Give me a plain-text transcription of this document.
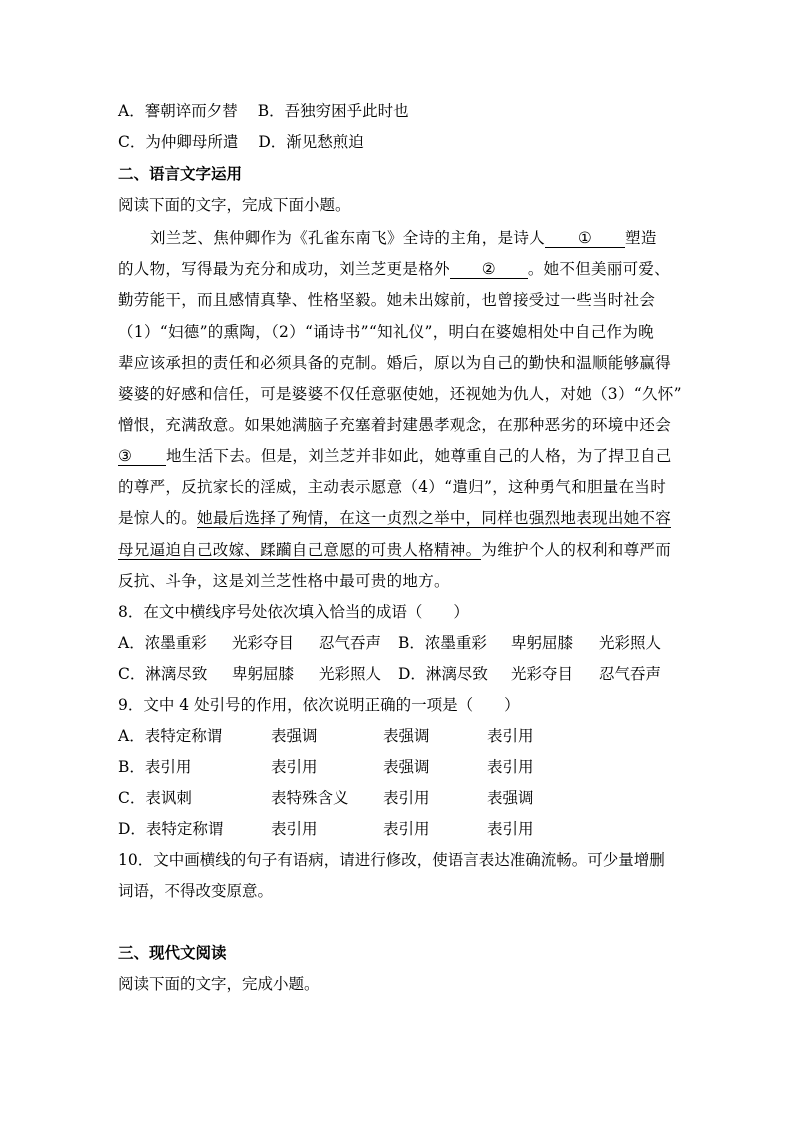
A．謇朝谇而夕替 B．吾独穷困乎此时也
C．为仲卿母所遣 D．渐见愁煎迫
二、语言文字运用
阅读下面的文字，完成下面小题。
刘兰芝、焦仲卿作为《孔雀东南飞》全诗的主角，是诗人 ① 塑造
的人物，写得最为充分和成功，刘兰芝更是格外 ② 。她不但美丽可爱、
勤劳能干，而且感情真挚、性格坚毅。她未出嫁前，也曾接受过一些当时社会
（1）“妇德”的熏陶，（2）“诵诗书”“知礼仪”，明白在婆媳相处中自己作为晚
辈应该承担的责任和必须具备的克制。婚后，原以为自己的勤快和温顺能够赢得
婆婆的好感和信任，可是婆婆不仅任意驱使她，还视她为仇人，对她（3）“久怀”
憎恨，充满敌意。如果她满脑子充塞着封建愚孝观念，在那种恶劣的环境中还会
③ 地生活下去。但是，刘兰芝并非如此，她尊重自己的人格，为了捍卫自己
的尊严，反抗家长的淫威，主动表示愿意（4）“遣归”，这种勇气和胆量在当时
是惊人的。她最后选择了殉情，在这一贞烈之举中，同样也强烈地表现出她不容
母兄逼迫自己改嫁、蹂躏自己意愿的可贵人格精神。为维护个人的权利和尊严而
反抗、斗争，这是刘兰芝性格中最可贵的地方。
8．在文中横线序号处依次填入恰当的成语（　　）
A．浓墨重彩 光彩夺目 忍气吞声 B．浓墨重彩 卑躬屈膝 光彩照人
C．淋漓尽致 卑躬屈膝 光彩照人 D．淋漓尽致 光彩夺目 忍气吞声
9．文中 4 处引号的作用，依次说明正确的一项是（　　）
A．表特定称谓	表强调	表强调	表引用
B．表引用	表引用	表强调	表引用
C．表讽刺	表特殊含义 表引用	表强调
D．表特定称谓	表引用	表引用	表引用
10．文中画横线的句子有语病，请进行修改，使语言表达准确流畅。可少量增删
词语，不得改变原意。
三、现代文阅读
阅读下面的文字，完成小题。
